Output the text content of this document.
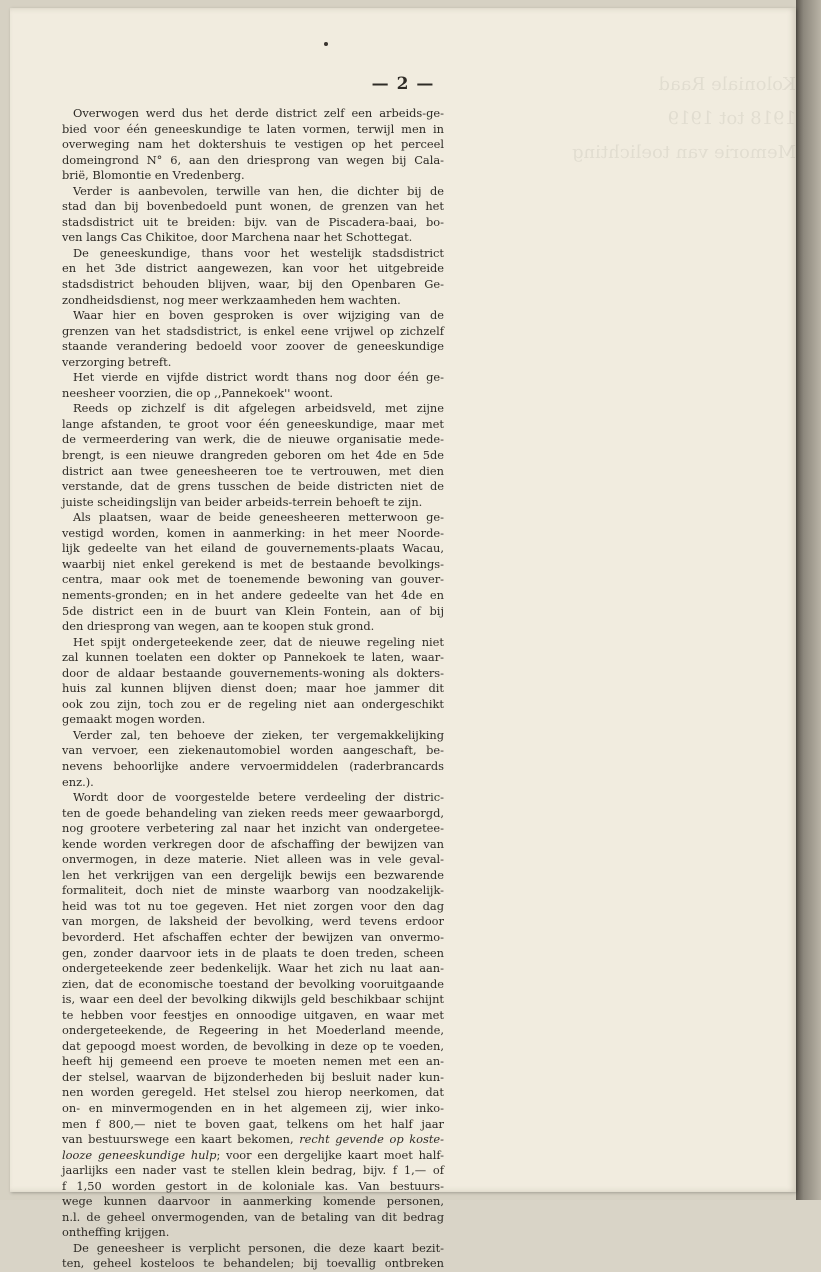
Koloniale Raad
1918 tot 1919
Memorie van toelichting
— 2 —
Overwogen werd dus het derde district zelf een arbeids-ge-
bied voor één geneeskundige te laten vormen, terwijl men in
overweging nam het doktershuis te vestigen op het perceel
domeingrond N° 6, aan den driesprong van wegen bij Cala-
brië, Blomontie en Vredenberg.
Verder is aanbevolen, terwille van hen, die dichter bij de
stad dan bij bovenbedoeld punt wonen, de grenzen van het
stadsdistrict uit te breiden: bijv. van de Piscadera-baai, bo-
ven langs Cas Chikitoe, door Marchena naar het Schottegat.
De geneeskundige, thans voor het westelijk stadsdistrict
en het 3de district aangewezen, kan voor het uitgebreide
stadsdistrict behouden blijven, waar, bij den Openbaren Ge-
zondheidsdienst, nog meer werkzaamheden hem wachten.
Waar hier en boven gesproken is over wijziging van de
grenzen van het stadsdistrict, is enkel eene vrijwel op zichzelf
staande verandering bedoeld voor zoover de geneeskundige
verzorging betreft.
Het vierde en vijfde district wordt thans nog door één ge-
neesheer voorzien, die op ,,Pannekoek'' woont.
Reeds op zichzelf is dit afgelegen arbeidsveld, met zijne
lange afstanden, te groot voor één geneeskundige, maar met
de vermeerdering van werk, die de nieuwe organisatie mede-
brengt, is een nieuwe drangreden geboren om het 4de en 5de
district aan twee geneesheeren toe te vertrouwen, met dien
verstande, dat de grens tusschen de beide districten niet de
juiste scheidingslijn van beider arbeids-terrein behoeft te zijn.
Als plaatsen, waar de beide geneesheeren metterwoon ge-
vestigd worden, komen in aanmerking: in het meer Noorde-
lijk gedeelte van het eiland de gouvernements-plaats Wacau,
waarbij niet enkel gerekend is met de bestaande bevolkings-
centra, maar ook met de toenemende bewoning van gouver-
nements-gronden; en in het andere gedeelte van het 4de en
5de district een in de buurt van Klein Fontein, aan of bij
den driesprong van wegen, aan te koopen stuk grond.
Het spijt ondergeteekende zeer, dat de nieuwe regeling niet
zal kunnen toelaten een dokter op Pannekoek te laten, waar-
door de aldaar bestaande gouvernements-woning als dokters-
huis zal kunnen blijven dienst doen; maar hoe jammer dit
ook zou zijn, toch zou er de regeling niet aan ondergeschikt
gemaakt mogen worden.
Verder zal, ten behoeve der zieken, ter vergemakkelijking
van vervoer, een ziekenautomobiel worden aangeschaft, be-
nevens behoorlijke andere vervoermiddelen (raderbrancards
enz.).
Wordt door de voorgestelde betere verdeeling der distric-
ten de goede behandeling van zieken reeds meer gewaarborgd,
nog grootere verbetering zal naar het inzicht van ondergetee-
kende worden verkregen door de afschaffing der bewijzen van
onvermogen, in deze materie. Niet alleen was in vele geval-
len het verkrijgen van een dergelijk bewijs een bezwarende
formaliteit, doch niet de minste waarborg van noodzakelijk-
heid was tot nu toe gegeven. Het niet zorgen voor den dag
van morgen, de laksheid der bevolking, werd tevens erdoor
bevorderd. Het afschaffen echter der bewijzen van onvermo-
gen, zonder daarvoor iets in de plaats te doen treden, scheen
ondergeteekende zeer bedenkelijk. Waar het zich nu laat aan-
zien, dat de economische toestand der bevolking vooruitgaande
is, waar een deel der bevolking dikwijls geld beschikbaar schijnt
te hebben voor feestjes en onnoodige uitgaven, en waar met
ondergeteekende, de Regeering in het Moederland meende,
dat gepoogd moest worden, de bevolking in deze op te voeden,
heeft hij gemeend een proeve te moeten nemen met een an-
der stelsel, waarvan de bijzonderheden bij besluit nader kun-
nen worden geregeld. Het stelsel zou hierop neerkomen, dat
on- en minvermogenden en in het algemeen zij, wier inko-
men f 800,— niet te boven gaat, telkens om het half jaar
van bestuurswege een kaart bekomen, recht gevende op koste-
looze geneeskundige hulp; voor een dergelijke kaart moet half-
jaarlijks een nader vast te stellen klein bedrag, bijv. f 1,— of
f 1,50 worden gestort in de koloniale kas. Van bestuurs-
wege kunnen daarvoor in aanmerking komende personen,
n.l. de geheel onvermogenden, van de betaling van dit bedrag
ontheffing krijgen.
De geneesheer is verplicht personen, die deze kaart bezit-
ten, geheel kosteloos te behandelen; bij toevallig ontbreken
